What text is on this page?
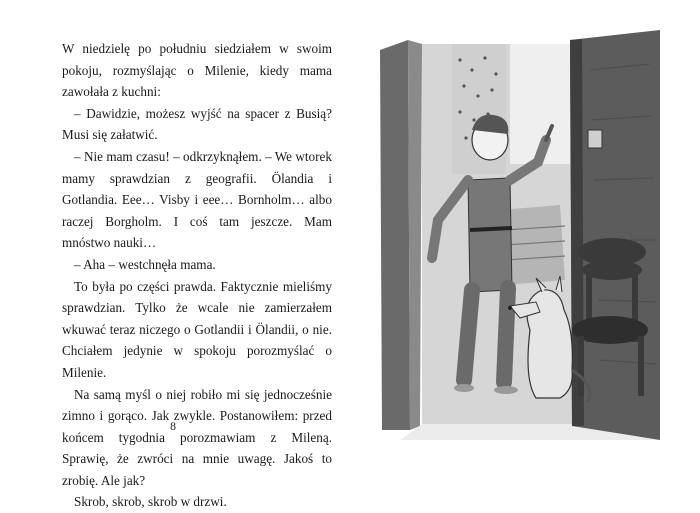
W niedzielę po południu siedziałem w swoim pokoju, rozmyślając o Milenie, kiedy mama zawołała z kuchni:

– Dawidzie, możesz wyjść na spacer z Busią? Musi się załatwić.

– Nie mam czasu! – odkrzyknąłem. – We wtorek mamy sprawdzian z geografii. Ölandia i Gotlandia. Eee… Visby i eee… Bornholm… albo raczej Borgholm. I coś tam jeszcze. Mam mnóstwo nauki…

– Aha – westchnęła mama.

To była po części prawda. Faktycznie mieliśmy sprawdzian. Tylko że wcale nie zamierzałem wkuwać teraz niczego o Gotlandii i Ölandii, o nie. Chciałem jedynie w spokoju porozmyślać o Milenie.

Na samą myśl o niej robiło mi się jednocześnie zimno i gorąco. Jak zwykle. Postanowiłem: przed końcem tygodnia porozmawiam z Mileną. Sprawię, że zwróci na mnie uwagę. Jakoś to zrobię. Ale jak?

Skrob, skrob, skrob w drzwi.

8
